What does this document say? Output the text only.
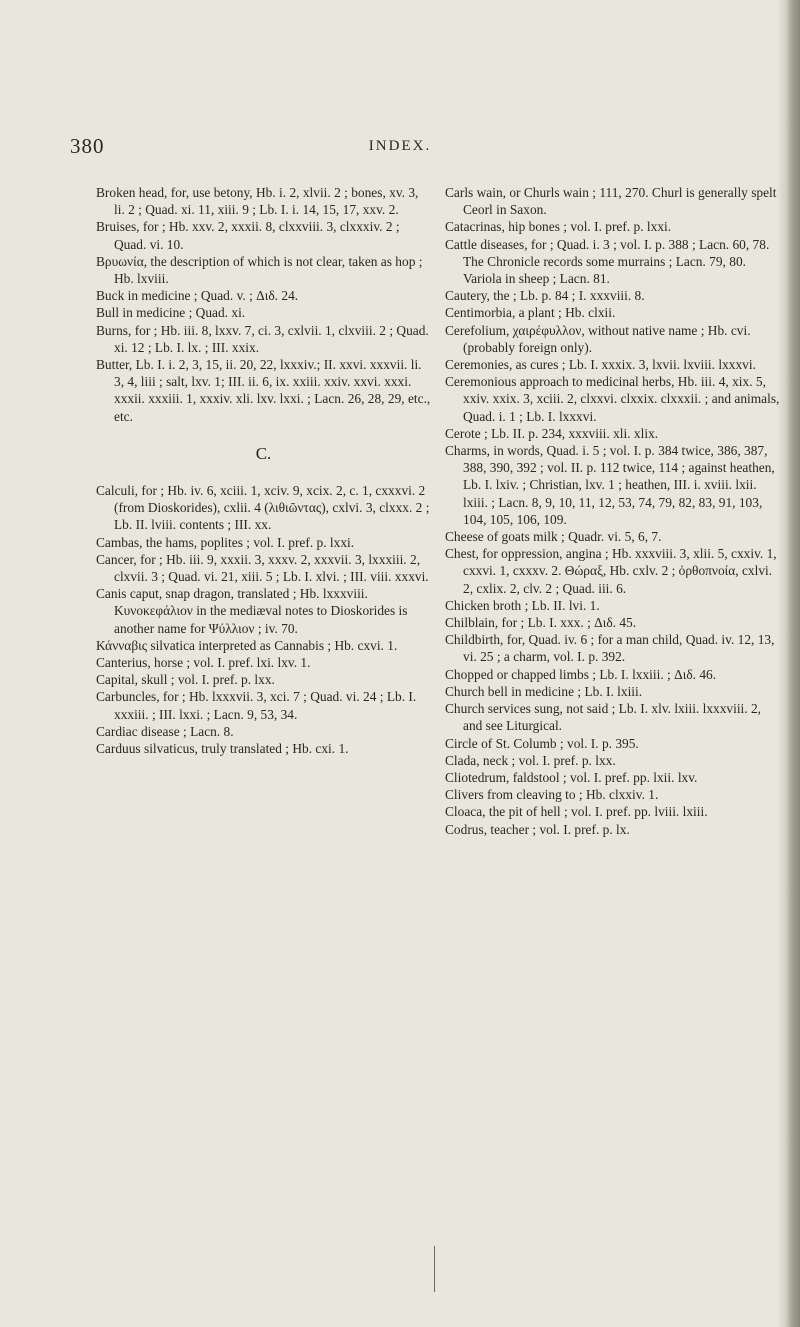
380	INDEX.

Broken head, for, use betony, Hb. i. 2, xlvii. 2 ; bones, xv. 3, li. 2 ; Quad. xi. 11, xiii. 9 ; Lb. I. i. 14, 15, 17, xxv. 2.

Bruises, for ; Hb. xxv. 2, xxxii. 8, clxxviii. 3, clxxxiv. 2 ; Quad. vi. 10.

Βρυωνία, the description of which is not clear, taken as hop ; Hb. lxviii.

Buck in medicine ; Quad. v. ; Διδ. 24.

Bull in medicine ; Quad. xi.

Burns, for ; Hb. iii. 8, lxxv. 7, ci. 3, cxlvii. 1, clxviii. 2 ; Quad. xi. 12 ; Lb. I. lx. ; III. xxix.

Butter, Lb. I. i. 2, 3, 15, ii. 20, 22, lxxxiv.; II. xxvi. xxxvii. li. 3, 4, liii ; salt, lxv. 1; III. ii. 6, ix. xxiii. xxiv. xxvi. xxxi. xxxii. xxxiii. 1, xxxiv. xli. lxv. lxxi. ; Lacn. 26, 28, 29, etc., etc.

C.

Calculi, for ; Hb. iv. 6, xciii. 1, xciv. 9, xcix. 2, c. 1, cxxxvi. 2 (from Dioskorides), cxlii. 4 (λιθιῶντας), cxlvi. 3, clxxx. 2 ; Lb. II. lviii. contents ; III. xx.

Cambas, the hams, poplites ; vol. I. pref. p. lxxi.

Cancer, for ; Hb. iii. 9, xxxii. 3, xxxv. 2, xxxvii. 3, lxxxiii. 2, clxvii. 3 ; Quad. vi. 21, xiii. 5 ; Lb. I. xlvi. ; III. viii. xxxvi.

Canis caput, snap dragon, translated ; Hb. lxxxviii. Κυνοκεφάλιον in the mediæval notes to Dioskorides is another name for Ψύλλιον ; iv. 70.

Κάνναβις silvatica interpreted as Cannabis ; Hb. cxvi. 1.

Canterius, horse ; vol. I. pref. lxi. lxv. 1.

Capital, skull ; vol. I. pref. p. lxx.

Carbuncles, for ; Hb. lxxxvii. 3, xci. 7 ; Quad. vi. 24 ; Lb. I. xxxiii. ; III. lxxi. ; Lacn. 9, 53, 34.

Cardiac disease ; Lacn. 8.

Carduus silvaticus, truly translated ; Hb. cxi. 1.

Carls wain, or Churls wain ; 111, 270. Churl is generally spelt Ceorl in Saxon.

Catacrinas, hip bones ; vol. I. pref. p. lxxi.

Cattle diseases, for ; Quad. i. 3 ; vol. I. p. 388 ; Lacn. 60, 78. The Chronicle records some murrains ; Lacn. 79, 80. Variola in sheep ; Lacn. 81.

Cautery, the ; Lb. p. 84 ; I. xxxviii. 8.

Centimorbia, a plant ; Hb. clxii.

Cerefolium, χαιρέφυλλον, without native name ; Hb. cvi. (probably foreign only).

Ceremonies, as cures ; Lb. I. xxxix. 3, lxvii. lxviii. lxxxvi.

Ceremonious approach to medicinal herbs, Hb. iii. 4, xix. 5, xxiv. xxix. 3, xciii. 2, clxxvi. clxxix. clxxxii. ; and animals, Quad. i. 1 ; Lb. I. lxxxvi.

Cerote ; Lb. II. p. 234, xxxviii. xli. xlix.

Charms, in words, Quad. i. 5 ; vol. I. p. 384 twice, 386, 387, 388, 390, 392 ; vol. II. p. 112 twice, 114 ; against heathen, Lb. I. lxiv. ; Christian, lxv. 1 ; heathen, III. i. xviii. lxii. lxiii. ; Lacn. 8, 9, 10, 11, 12, 53, 74, 79, 82, 83, 91, 103, 104, 105, 106, 109.

Cheese of goats milk ; Quadr. vi. 5, 6, 7.

Chest, for oppression, angina ; Hb. xxxviii. 3, xlii. 5, cxxiv. 1, cxxvi. 1, cxxxv. 2. Θώραξ, Hb. cxlv. 2 ; ὀρθοπνοία, cxlvi. 2, cxlix. 2, clv. 2 ; Quad. iii. 6.

Chicken broth ; Lb. II. lvi. 1.

Chilblain, for ; Lb. I. xxx. ; Διδ. 45.

Childbirth, for, Quad. iv. 6 ; for a man child, Quad. iv. 12, 13, vi. 25 ; a charm, vol. I. p. 392.

Chopped or chapped limbs ; Lb. I. lxxiii. ; Διδ. 46.

Church bell in medicine ; Lb. I. lxiii.

Church services sung, not said ; Lb. I. xlv. lxiii. lxxxviii. 2, and see Liturgical.

Circle of St. Columb ; vol. I. p. 395.

Clada, neck ; vol. I. pref. p. lxx.

Cliotedrum, faldstool ; vol. I. pref. pp. lxii. lxv.

Clivers from cleaving to ; Hb. clxxiv. 1.

Cloaca, the pit of hell ; vol. I. pref. pp. lviii. lxiii.

Codrus, teacher ; vol. I. pref. p. lx.
